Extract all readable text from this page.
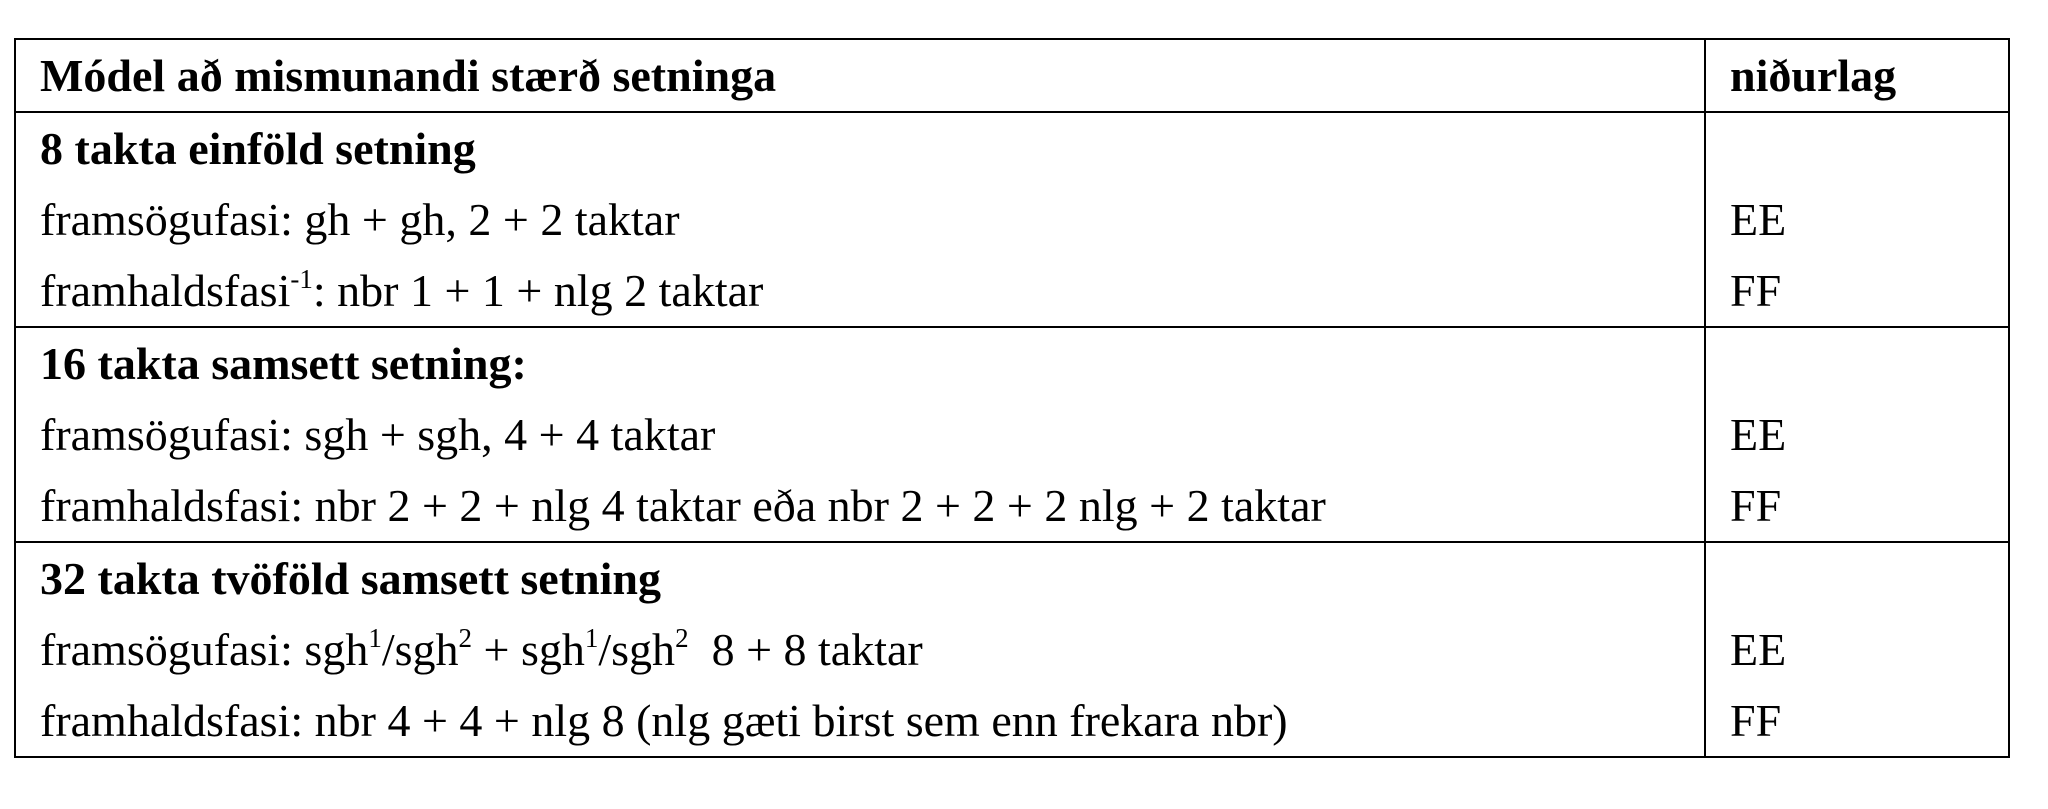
Módel að mismunandi stærð setninga	niðurlag
8 takta einföld setning	
framsögufasi: gh + gh, 2 + 2 taktar	EE
framhaldsfasi$^{-1}$: nbr 1 + 1 + nlg 2 taktar	FF
16 takta samsett setning:	
framsögufasi: sgh + sgh, 4 + 4 taktar	EE
framhaldsfasi: nbr 2 + 2 + nlg 4 taktar eða nbr 2 + 2 + 2 nlg + 2 taktar	FF
32 takta tvöföld samsett setning	
framsögufasi: sgh$^1$/sgh$^2$ + sgh$^1$/sgh$^2$  8 + 8 taktar	EE
framhaldsfasi: nbr 4 + 4 + nlg 8 (nlg gæti birst sem enn frekara nbr)	FF
